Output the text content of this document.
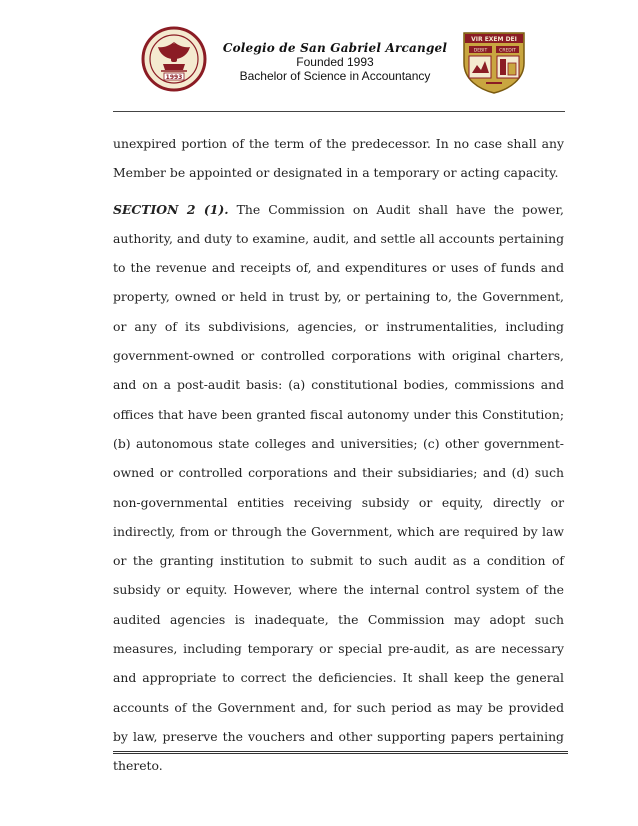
1993
Colegio de San Gabriel Arcangel
Founded 1993
Bachelor of Science in Accountancy
VIR EXEM DEI
DEBIT	CREDIT

unexpired portion of the term of the predecessor. In no case shall any Member be appointed or designated in a temporary or acting capacity.

SECTION 2 (1). The Commission on Audit shall have the power, authority, and duty to examine, audit, and settle all accounts pertaining to the revenue and receipts of, and expenditures or uses of funds and property, owned or held in trust by, or pertaining to, the Government, or any of its subdivisions, agencies, or instrumentalities, including government-owned or controlled corporations with original charters, and on a post-audit basis: (a) constitutional bodies, commissions and offices that have been granted fiscal autonomy under this Constitution; (b) autonomous state colleges and universities; (c) other government-owned or controlled corporations and their subsidiaries; and (d) such non-governmental entities receiving subsidy or equity, directly or indirectly, from or through the Government, which are required by law or the granting institution to submit to such audit as a condition of subsidy or equity. However, where the internal control system of the audited agencies is inadequate, the Commission may adopt such measures, including temporary or special pre-audit, as are necessary and appropriate to correct the deficiencies. It shall keep the general accounts of the Government and, for such period as may be provided by law, preserve the vouchers and other supporting papers pertaining thereto.
